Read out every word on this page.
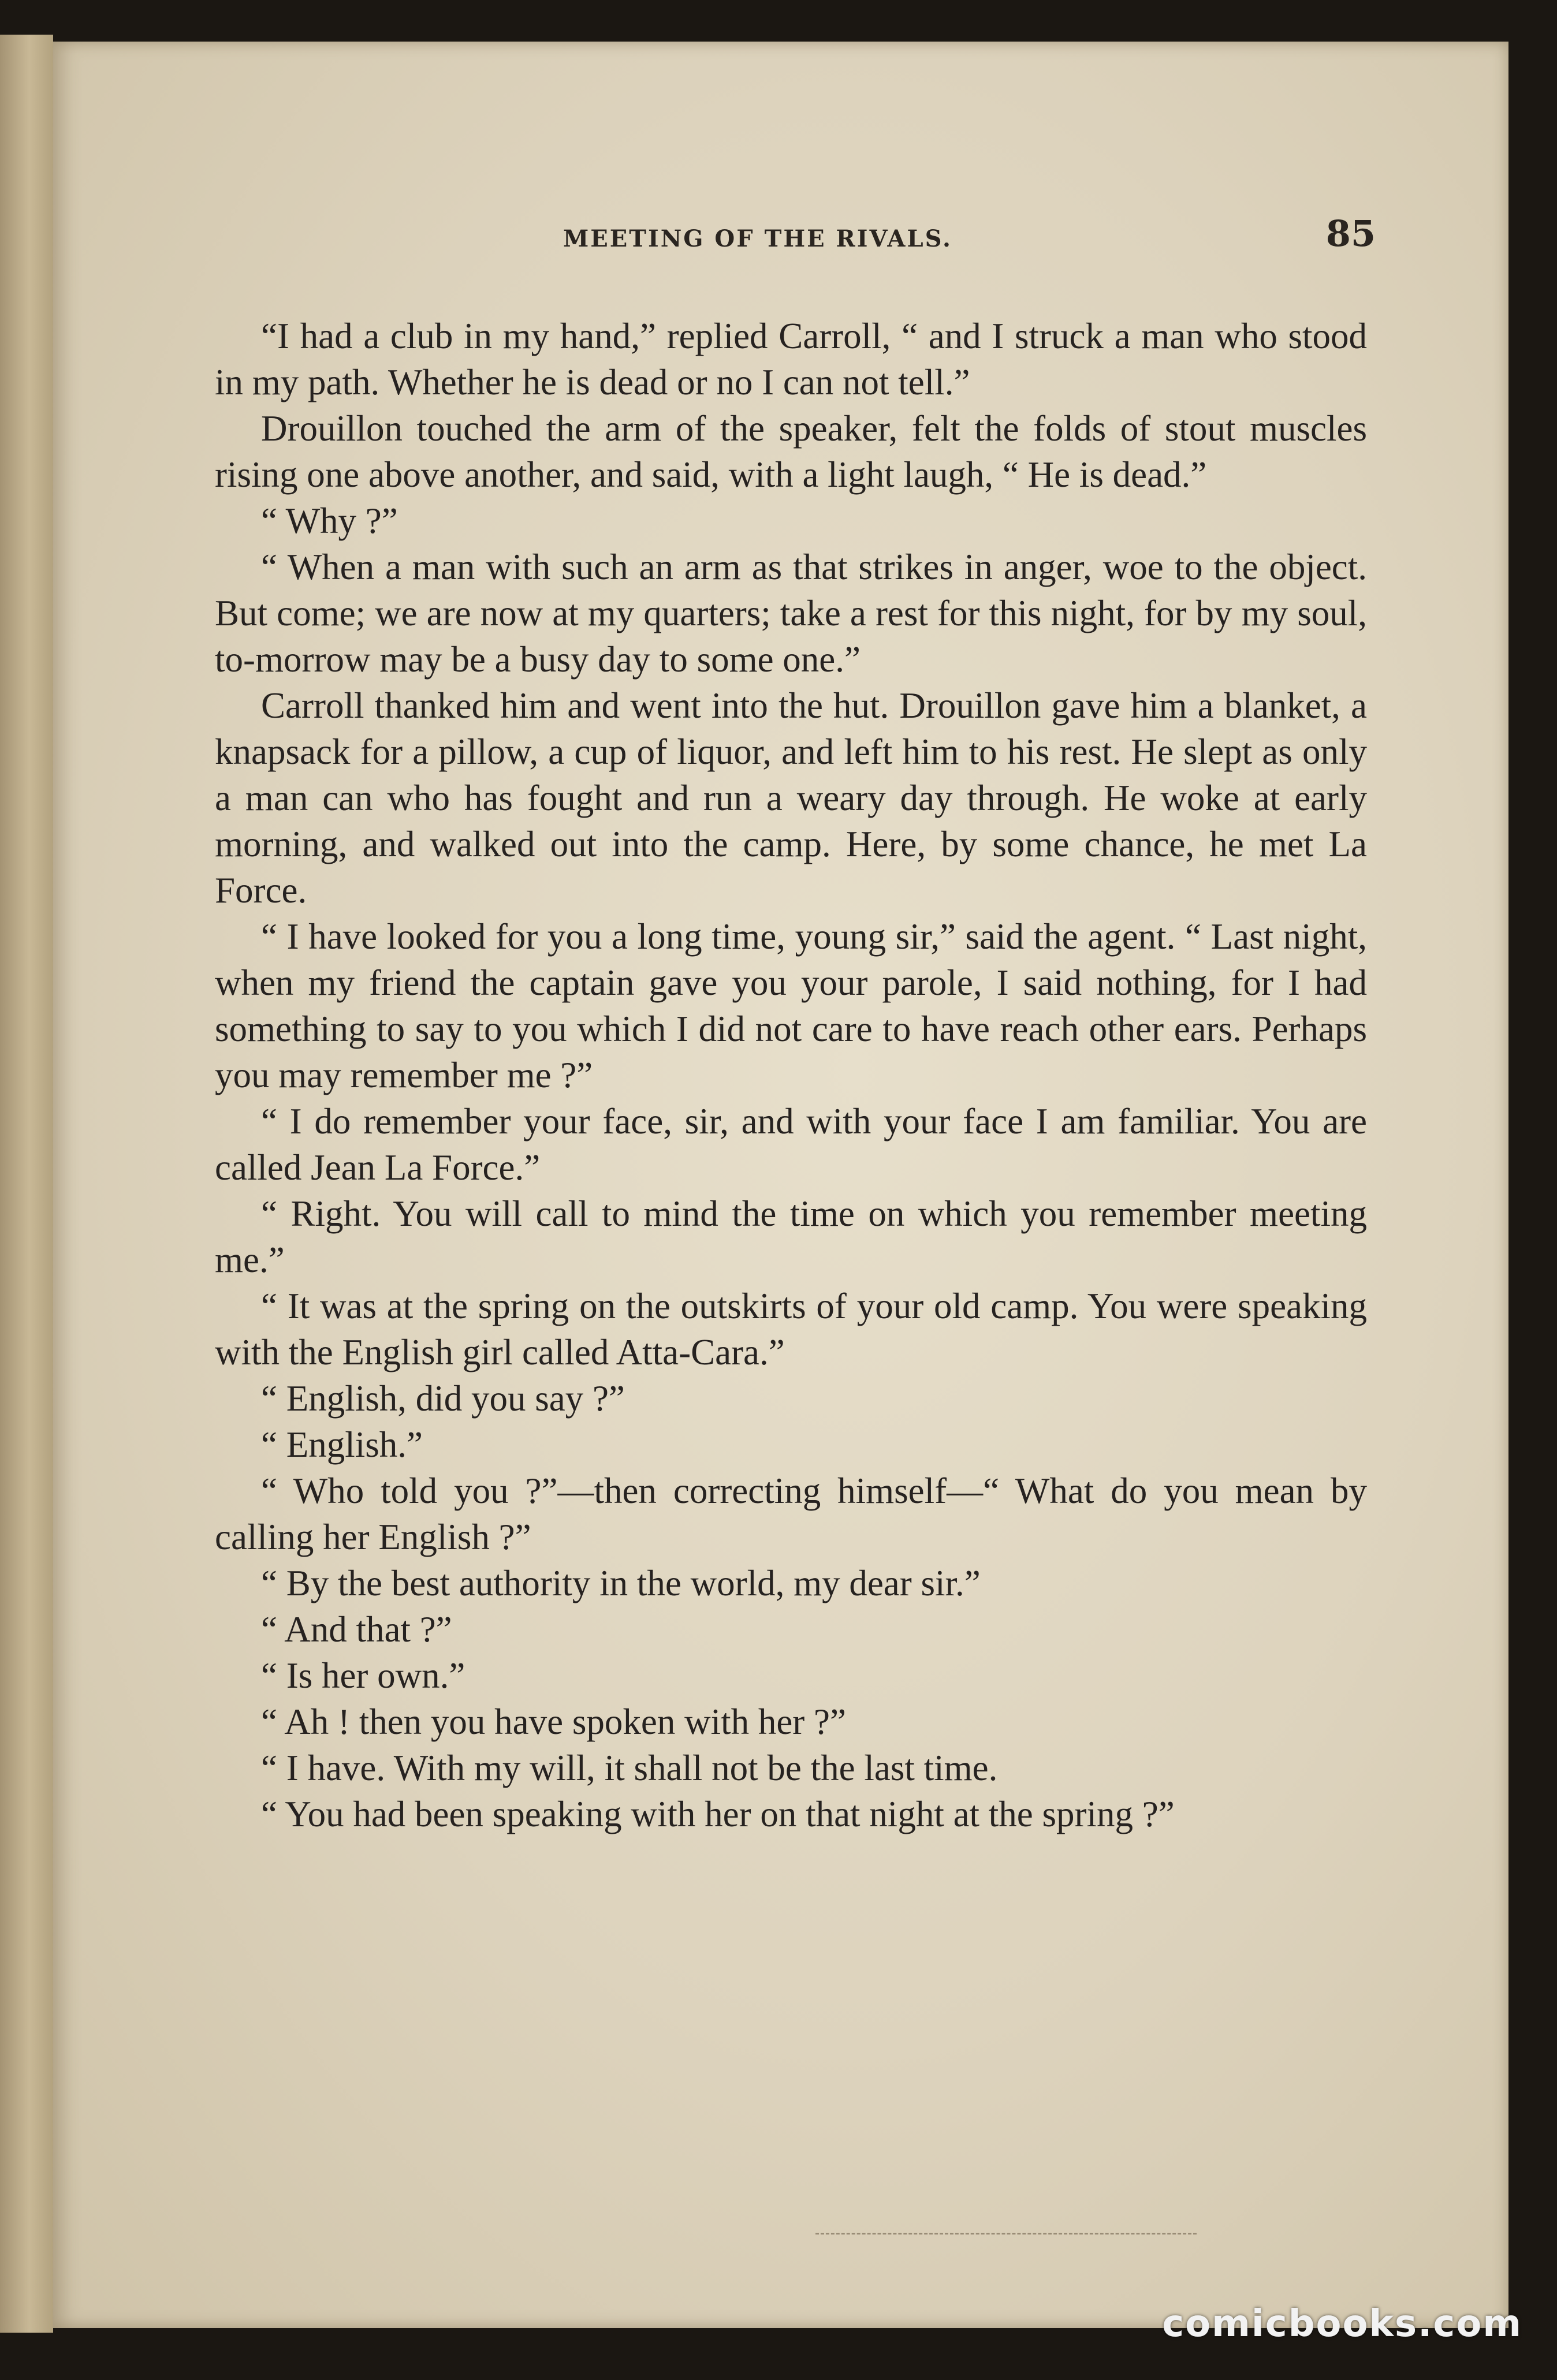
MEETING OF THE RIVALS.	85

“I had a club in my hand,” replied Carroll, “ and I struck a man who stood in my path. Whether he is dead or no I can not tell.”

Drouillon touched the arm of the speaker, felt the folds of stout muscles rising one above another, and said, with a light laugh, “ He is dead.”

“ Why ?”

“ When a man with such an arm as that strikes in anger, woe to the object. But come; we are now at my quarters; take a rest for this night, for by my soul, to-morrow may be a busy day to some one.”

Carroll thanked him and went into the hut. Drouillon gave him a blanket, a knapsack for a pillow, a cup of liquor, and left him to his rest. He slept as only a man can who has fought and run a weary day through. He woke at early morning, and walked out into the camp. Here, by some chance, he met La Force.

“ I have looked for you a long time, young sir,” said the agent. “ Last night, when my friend the captain gave you your parole, I said nothing, for I had something to say to you which I did not care to have reach other ears. Perhaps you may remember me ?”

“ I do remember your face, sir, and with your face I am familiar. You are called Jean La Force.”

“ Right. You will call to mind the time on which you remember meeting me.”

“ It was at the spring on the outskirts of your old camp. You were speaking with the English girl called Atta-Cara.”

“ English, did you say ?”

“ English.”

“ Who told you ?”—then correcting himself—“ What do you mean by calling her English ?”

“ By the best authority in the world, my dear sir.”

“ And that ?”

“ Is her own.”

“ Ah ! then you have spoken with her ?”

“ I have. With my will, it shall not be the last time.

“ You had been speaking with her on that night at the spring ?”

comicbooks.com
